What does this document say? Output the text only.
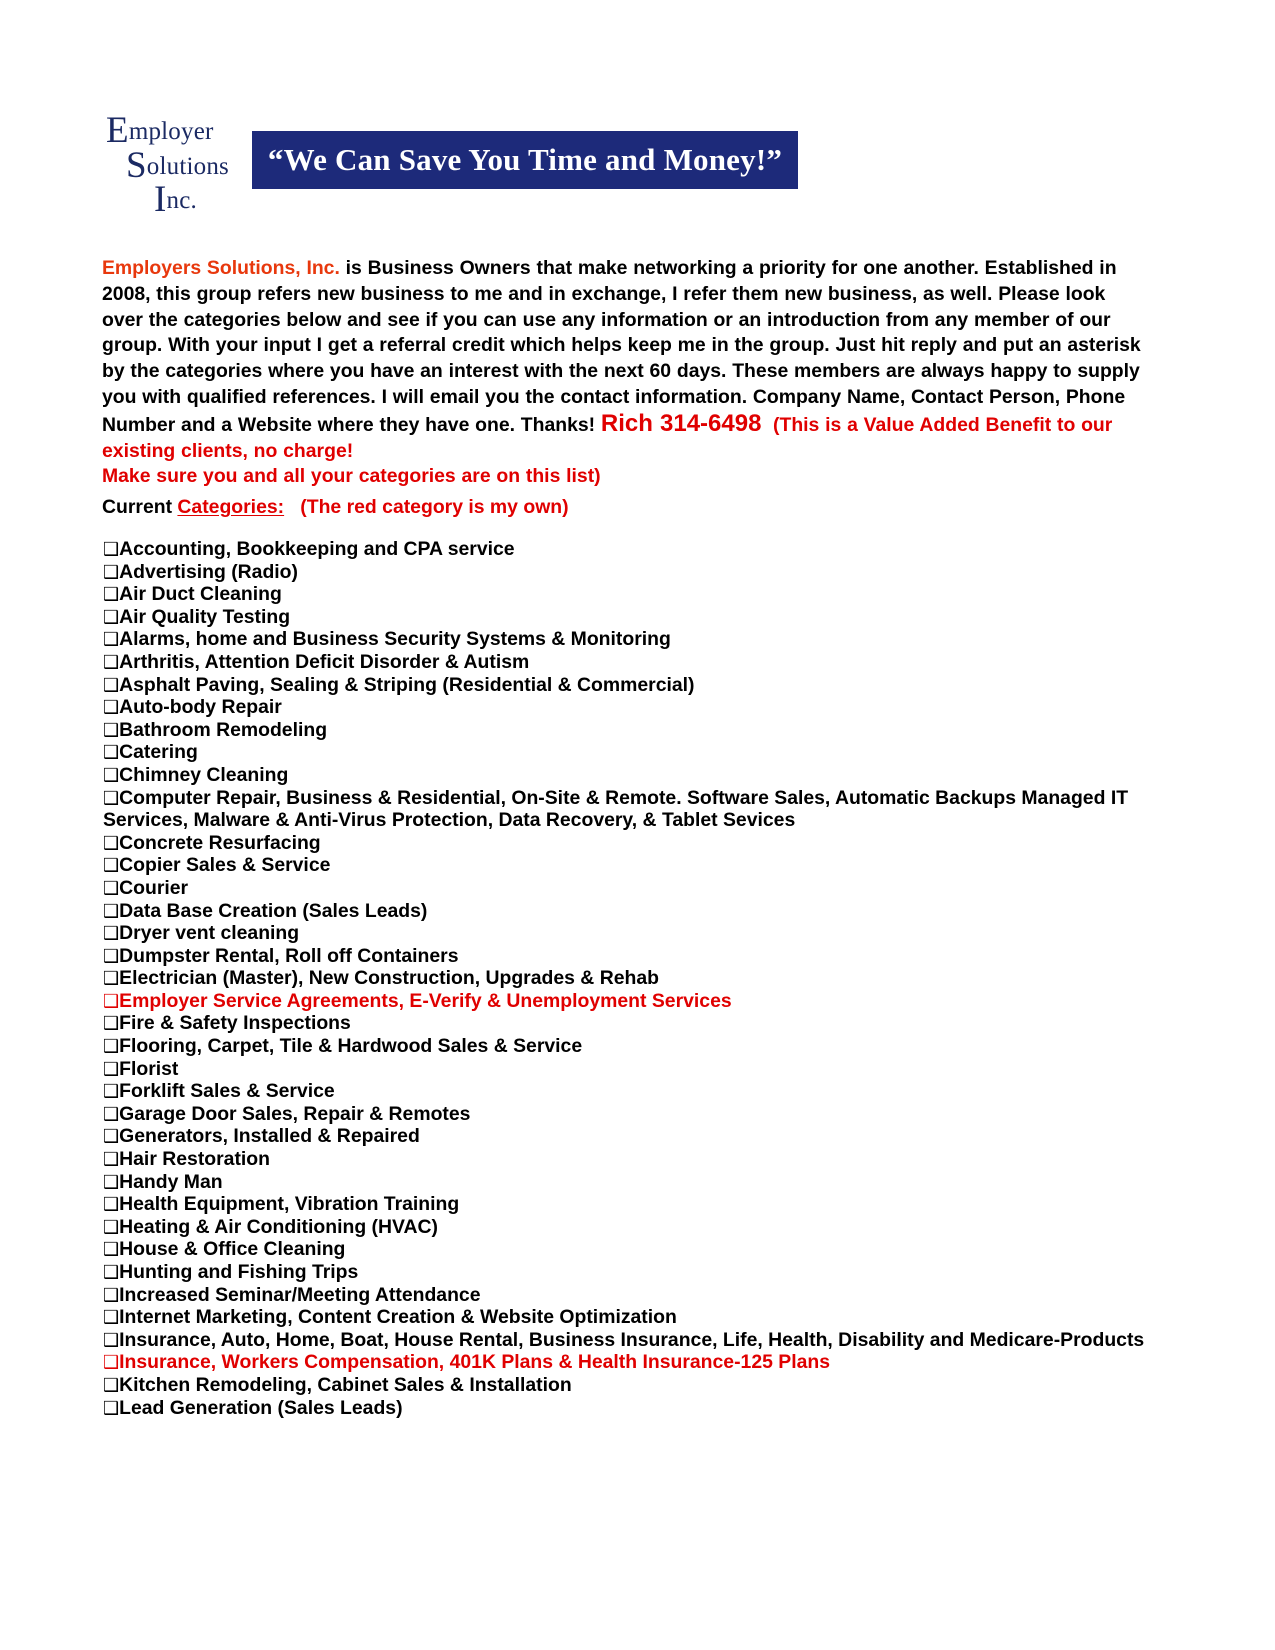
Employer
Solutions
Inc.
“We Can Save You Time and Money!”
Employers Solutions, Inc. is Business Owners that make networking a priority for one another. Established in 2008, this group refers new business to me and in exchange, I refer them new business, as well. Please look over the categories below and see if you can use any information or an introduction from any member of our group. With your input I get a referral credit which helps keep me in the group. Just hit reply and put an asterisk by the categories where you have an interest with the next 60 days. These members are always happy to supply you with qualified references. I will email you the contact information. Company Name, Contact Person, Phone Number and a Website where they have one. Thanks! Rich 314-6498 (This is a Value Added Benefit to our existing clients, no charge!
Make sure you and all your categories are on this list)
Current Categories: (The red category is my own)
❑Accounting, Bookkeeping and CPA service
❑Advertising (Radio)
❑Air Duct Cleaning
❑Air Quality Testing
❑Alarms, home and Business Security Systems & Monitoring
❑Arthritis, Attention Deficit Disorder & Autism
❑Asphalt Paving, Sealing & Striping (Residential & Commercial)
❑Auto-body Repair
❑Bathroom Remodeling
❑Catering
❑Chimney Cleaning
❑Computer Repair, Business & Residential, On-Site & Remote. Software Sales, Automatic Backups Managed IT Services, Malware & Anti-Virus Protection, Data Recovery, & Tablet Sevices
❑Concrete Resurfacing
❑Copier Sales & Service
❑Courier
❑Data Base Creation (Sales Leads)
❑Dryer vent cleaning
❑Dumpster Rental, Roll off Containers
❑Electrician (Master), New Construction, Upgrades & Rehab
❑Employer Service Agreements, E-Verify & Unemployment Services
❑Fire & Safety Inspections
❑Flooring, Carpet, Tile & Hardwood Sales & Service
❑Florist
❑Forklift Sales & Service
❑Garage Door Sales, Repair & Remotes
❑Generators, Installed & Repaired
❑Hair Restoration
❑Handy Man
❑Health Equipment, Vibration Training
❑Heating & Air Conditioning (HVAC)
❑House & Office Cleaning
❑Hunting and Fishing Trips
❑Increased Seminar/Meeting Attendance
❑Internet Marketing, Content Creation & Website Optimization
❑Insurance, Auto, Home, Boat, House Rental, Business Insurance, Life, Health, Disability and Medicare-Products
❑Insurance, Workers Compensation, 401K Plans & Health Insurance-125 Plans
❑Kitchen Remodeling, Cabinet Sales & Installation
❑Lead Generation (Sales Leads)
